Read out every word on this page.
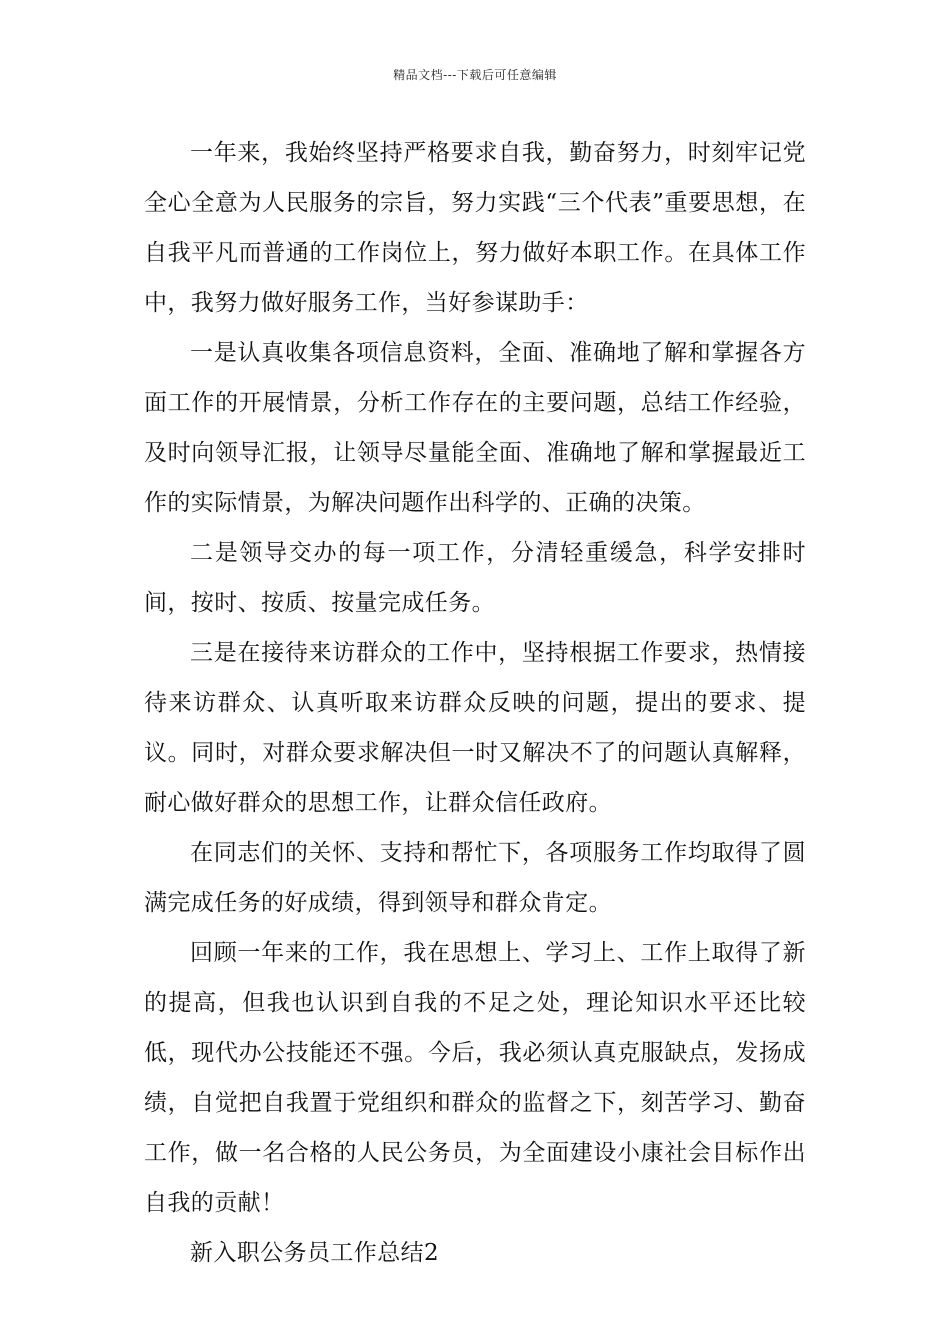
精品文档---下载后可任意编辑

一年来，我始终坚持严格要求自我，勤奋努力，时刻牢记党全心全意为人民服务的宗旨，努力实践“三个代表”重要思想，在自我平凡而普通的工作岗位上，努力做好本职工作。在具体工作中，我努力做好服务工作，当好参谋助手：

一是认真收集各项信息资料，全面、准确地了解和掌握各方面工作的开展情景，分析工作存在的主要问题，总结工作经验，及时向领导汇报，让领导尽量能全面、准确地了解和掌握最近工作的实际情景，为解决问题作出科学的、正确的决策。

二是领导交办的每一项工作，分清轻重缓急，科学安排时间，按时、按质、按量完成任务。

三是在接待来访群众的工作中，坚持根据工作要求，热情接待来访群众、认真听取来访群众反映的问题，提出的要求、提议。同时，对群众要求解决但一时又解决不了的问题认真解释，耐心做好群众的思想工作，让群众信任政府。

在同志们的关怀、支持和帮忙下，各项服务工作均取得了圆满完成任务的好成绩，得到领导和群众肯定。

回顾一年来的工作，我在思想上、学习上、工作上取得了新的提高，但我也认识到自我的不足之处，理论知识水平还比较低，现代办公技能还不强。今后，我必须认真克服缺点，发扬成绩，自觉把自我置于党组织和群众的监督之下，刻苦学习、勤奋工作，做一名合格的人民公务员，为全面建设小康社会目标作出自我的贡献！

新入职公务员工作总结2
